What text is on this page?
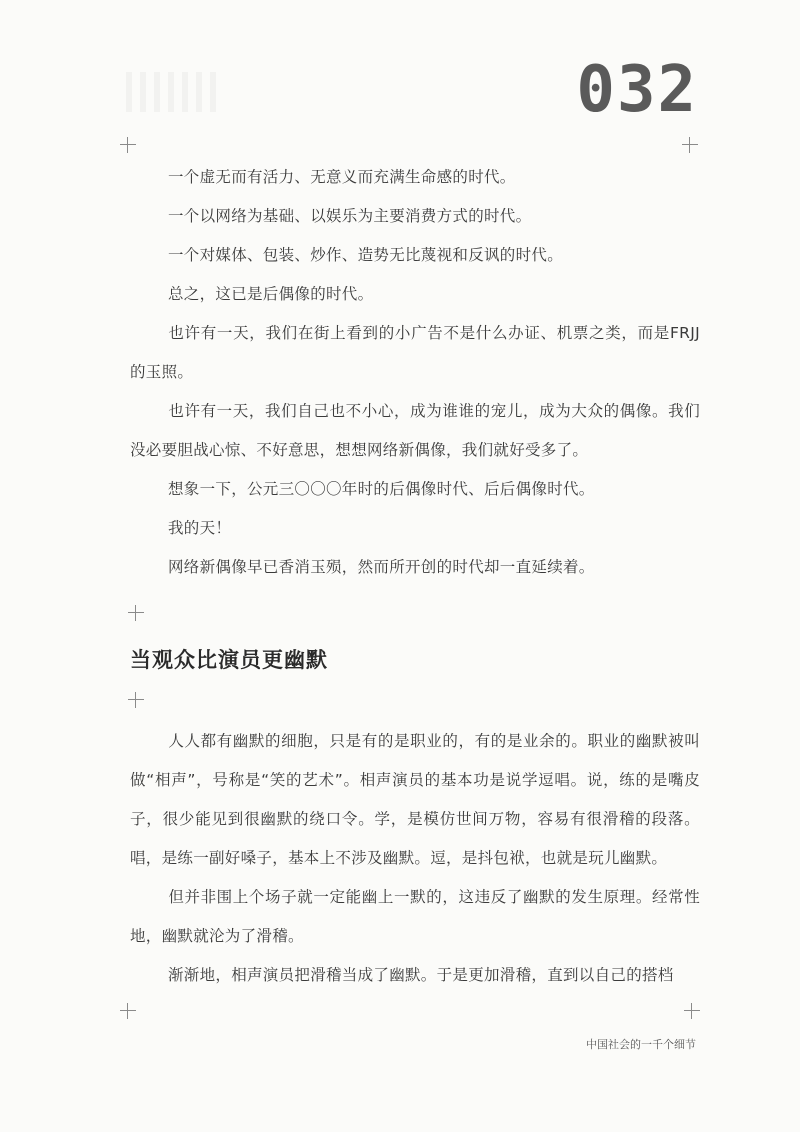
032

一个虚无而有活力、无意义而充满生命感的时代。

一个以网络为基础、以娱乐为主要消费方式的时代。

一个对媒体、包装、炒作、造势无比蔑视和反讽的时代。

总之，这已是后偶像的时代。

也许有一天，我们在街上看到的小广告不是什么办证、机票之类，而是FRJJ 的玉照。

也许有一天，我们自己也不小心，成为谁谁的宠儿，成为大众的偶像。我们没必要胆战心惊、不好意思，想想网络新偶像，我们就好受多了。

想象一下，公元三〇〇〇年时的后偶像时代、后后偶像时代。

我的天！

网络新偶像早已香消玉殒，然而所开创的时代却一直延续着。

当观众比演员更幽默

人人都有幽默的细胞，只是有的是职业的，有的是业余的。职业的幽默被叫做“相声”，号称是“笑的艺术”。相声演员的基本功是说学逗唱。说，练的是嘴皮子，很少能见到很幽默的绕口令。学，是模仿世间万物，容易有很滑稽的段落。唱，是练一副好嗓子，基本上不涉及幽默。逗，是抖包袱，也就是玩儿幽默。

但并非围上个场子就一定能幽上一默的，这违反了幽默的发生原理。经常性地，幽默就沦为了滑稽。

渐渐地，相声演员把滑稽当成了幽默。于是更加滑稽，直到以自己的搭档

中国社会的一千个细节
